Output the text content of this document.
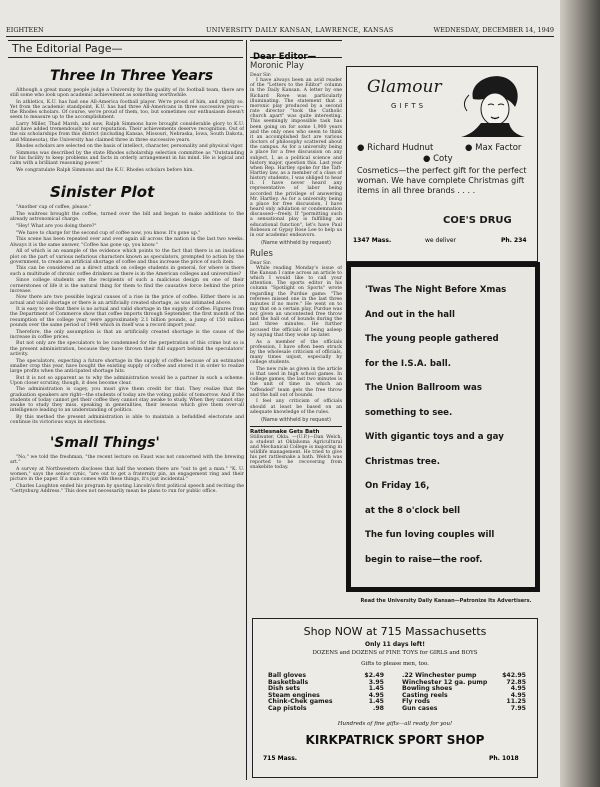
EIGHTEEN	UNIVERSITY DAILY KANSAN, LAWRENCE, KANSAS	WEDNESDAY, DECEMBER 14, 1949
The Editorial Page—
Three In Three Years

Although a great many people judge a University by the quality of its football team, there are still some who look upon academic achievement as something worthwhile.

In athletics, K.U. has had one All-America football player. We're proud of him, and rightly so. Yet from the academic standpoint, K.U. has had three All-Americans in three successive years—the Rhodes scholars. Of course, we're proud of them, too, but sometimes our enthusiasm doesn't seem to measure up to the accomplishment.

Larry Miller, Thad Marsh, and now, Ralph Simmons have brought considerable glory to K.U. and have added tremendously to our reputation. Their achievements deserve recognition. Out of the six scholarships from this district (including Kansas, Missouri, Nebraska, Iowa, South Dakota, and Minnesota), the University has claimed three in three successive years.

Rhodes scholars are selected on the basis of intellect, character, personality and physical vigor.

Simmons was described by the state Rhodes scholarship selection committee as "Outstanding for his facility to keep problems and facts in orderly arrangement in his mind. He is logical and calm with a brilliant reasoning power."

We congratulate Ralph Simmons and the K.U. Rhodes scholars before him.

Sinister Plot

"Another cup of coffee, please."

The waitress brought the coffee, turned over the bill and began to make additions to the already astronomical charge.

"Hey! What are you doing there?"

"We have to charge for the second cup of coffee now, you know. It's gone up."

This scene has been repeated over and over again all across the nation in the last two weeks. Always it is the same answer, "Coffee has gone up, you know."

All of which is an example of the evidence which points to the fact that there is an insidious plot on the part of various nefarious characters known as speculators, prompted to action by the government, to create an artificial shortage of coffee and thus increase the price of such item.

This can be considered as a direct attack on college students in general, for where is there such a multitude of chronic coffee drinkers as there is in the American colleges and universities?

Since college students are the recipients of such a malicious design on one of their cornerstones of life it is the natural thing for them to find the causative force behind the price increase.

Now there are two possible logical causes of a rise in the price of coffee. Either there is an actual and valid shortage or there is an artificially created shortage, as was intimated above.

It is easy to see that there is no actual and valid shortage in the supply of coffee. Figures from the Department of Commerce show that coffee imports through September, the first month of the resumption of the college year, were approximately 2.1 billion pounds, a jump of 150 million pounds over the same period of 1948 which in itself was a record import year.

Therefore, the only assumption is that an artificially created shortage is the cause of the increase in coffee prices.

But not only are the speculators to be condemned for the perpetration of this crime but so is the present administration, because they have thrown their full support behind the speculators' activity.

The speculators, expecting a future shortage in the supply of coffee because of an estimated smaller crop this year, have bought the existing supply of coffee and stored it in order to realize large profits when the anticipated shortage hits.

But it is not so apparent as to why the administration would be a partner in such a scheme. Upon closer scrutiny, though, it does become clear.

The administration is cagey, you must give them credit for that. They realize that the graduation speakers are right—the students of today are the voting public of tomorrow. And if the students of today cannot get their coffee they cannot stay awake to study. When they cannot stay awake to study they miss, speaking in generalities, their lessons which give them over-all intelligence leading to an understanding of politics.

By this method the present administration is able to maintain a befuddled electorate and continue its victorious ways in elections.

'Small Things'

"No," we told the freshman, "the recent lecture on Faust was not concerned with the brewing art."

A survey at Northwestern discloses that half the women there are "out to get a man." "K. U. women," says the senior cynic, "are out to get a fraternity pin, an engagement ring and their picture in the paper. If a man comes with these things, it's just incidental."

Charles Laughton ended his program by quoting Lincoln's first political speech and reciting the "Gettysburg Address." This does not necessarily mean he plans to run for public office.

Dear Editor—
Moronic Play
Dear Sir:

I have always been an avid reader of the "Letters to the Editor" column in the Daily Kansan. A letter by one Richard Rowe was particularly illuminating. The statement that a moronic play produced by a second rate director "took the Catholic church apart" was quite interesting. This seemingly impossible task has been going on for some 1,900 years and the only ones who seem to think it an accomplished fact are various doctors of philosophy scattered about the campus. As for a university being a place for a free discussion on any subject, I, as a political science and history major, question this. Last year when Rep. Hartley spoke for the Taft-Hartley law, as a member of a class of history students, I was obliged to hear it. I have never heard any representative of labor being accorded the privilege of answering Mr. Hartley. As for a university being a place for free discussion, I have heard only adulation or condemnation discussed—freely. If "permitting such a sensational play is fulfilling an educational function", let's have Paul Robeson or Gypsy Rose Lee to help us in our academic endeavors.

(Name withheld by request)
Rules
Dear Sir:

While reading Monday's issue of the Kansan I came across an article to which I would like to call your attention. The sports editor in his column "Spotlight on Sports" wrote regarding the Purdue game: "The referees missed one in the last three minutes if no more." He went on to say that on a certain play, Purdue was not given an uncontested free throw and the ball out of bounds during the last three minutes. He further accused the officials of being asleep by saying that they woke up later.

As a member of the officials profession, I have often been struck by the wholesale criticism of officials, many times unjust, especially by college students.

The new rule as given in the article is that used in high school games. In college games, the last two minutes is the unit of time in which an "offended" team gets the free throw and the ball out of bounds.

I feel any criticism of officials should at least be based on an adequate knowledge of the rules.

(Name withheld by request)
Rattlesnake Gets Bath
Stillwater, Okla. —(U.P.)—Dan Welch, a student at Oklahoma Agricultural and Mechanical College is majoring in wildlife management. He tried to give his pet rattlesnake a bath. Welch was reported to be recovering from snakebite today.
Glamour
GIFTS
● Richard Hudnut	● Max Factor
● Coty
Cosmetics—the perfect gift for the perfect woman. We have complete Christmas gift items in all three brands . . . .
COE'S DRUG
1347 Mass.	we deliver	Ph. 234
'Twas The Night Before Xmas
And out in the hall
The young people gathered
for the I.S.A. ball.
The Union Ballroom was
something to see.
With gigantic toys and a gay
Christmas tree.
On Friday 16,
at the 8 o'clock bell
The fun loving couples will
begin to raise—the roof.
Read the University Daily Kansan—Patronize Its Advertisers.
Shop NOW at 715 Massachusetts
Only 11 days left!
DOZENS and DOZENS of FINE TOYS for GIRLS and BOYS
Gifts to please men, too.
Ball gloves	$2.49
Basketballs	3.95
Dish sets	1.45
Steam engines	4.95
Chink-Chek games	1.45
Cap pistols	.98
.22 Winchester pump	$42.95
Winchester 12 ga. pump	72.85
Bowling shoes	4.95
Casting reels	4.95
Fly rods	11.25
Gun cases	7.95
Hundreds of fine gifts—all ready for you!
KIRKPATRICK SPORT SHOP
715 Mass.	Ph. 1018
